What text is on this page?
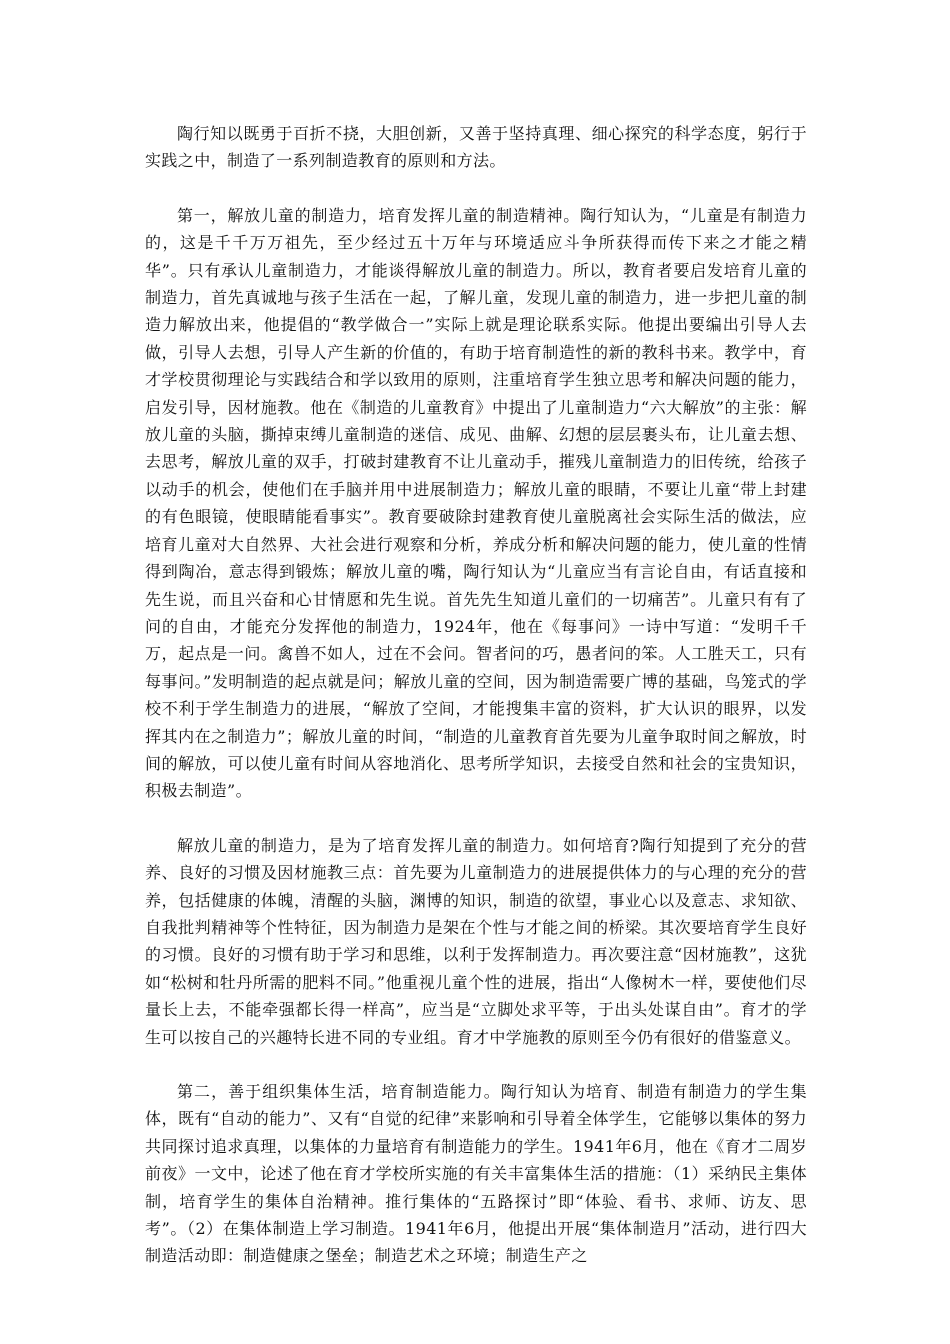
陶行知以既勇于百折不挠，大胆创新，又善于坚持真理、细心探究的科学态度，躬行于实践之中，制造了一系列制造教育的原则和方法。

第一，解放儿童的制造力，培育发挥儿童的制造精神。陶行知认为，“儿童是有制造力的，这是千千万万祖先，至少经过五十万年与环境适应斗争所获得而传下来之才能之精华”。只有承认儿童制造力，才能谈得解放儿童的制造力。所以，教育者要启发培育儿童的制造力，首先真诚地与孩子生活在一起，了解儿童，发现儿童的制造力，进一步把儿童的制造力解放出来，他提倡的“教学做合一”实际上就是理论联系实际。他提出要编出引导人去做，引导人去想，引导人产生新的价值的，有助于培育制造性的新的教科书来。教学中，育才学校贯彻理论与实践结合和学以致用的原则，注重培育学生独立思考和解决问题的能力，启发引导，因材施教。他在《制造的儿童教育》中提出了儿童制造力“六大解放”的主张：解放儿童的头脑，撕掉束缚儿童制造的迷信、成见、曲解、幻想的层层裹头布，让儿童去想、去思考，解放儿童的双手，打破封建教育不让儿童动手，摧残儿童制造力的旧传统，给孩子以动手的机会，使他们在手脑并用中进展制造力；解放儿童的眼睛，不要让儿童“带上封建的有色眼镜，使眼睛能看事实”。教育要破除封建教育使儿童脱离社会实际生活的做法，应培育儿童对大自然界、大社会进行观察和分析，养成分析和解决问题的能力，使儿童的性情得到陶冶，意志得到锻炼；解放儿童的嘴，陶行知认为“儿童应当有言论自由，有话直接和先生说，而且兴奋和心甘情愿和先生说。首先先生知道儿童们的一切痛苦”。儿童只有有了问的自由，才能充分发挥他的制造力，1924年，他在《每事问》一诗中写道：“发明千千万，起点是一问。禽兽不如人，过在不会问。智者问的巧，愚者问的笨。人工胜天工，只有每事问。”发明制造的起点就是问；解放儿童的空间，因为制造需要广博的基础，鸟笼式的学校不利于学生制造力的进展，“解放了空间，才能搜集丰富的资料，扩大认识的眼界，以发挥其内在之制造力”；解放儿童的时间，“制造的儿童教育首先要为儿童争取时间之解放，时间的解放，可以使儿童有时间从容地消化、思考所学知识，去接受自然和社会的宝贵知识，积极去制造”。

解放儿童的制造力，是为了培育发挥儿童的制造力。如何培育?陶行知提到了充分的营养、良好的习惯及因材施教三点：首先要为儿童制造力的进展提供体力的与心理的充分的营养，包括健康的体魄，清醒的头脑，渊博的知识，制造的欲望，事业心以及意志、求知欲、自我批判精神等个性特征，因为制造力是架在个性与才能之间的桥梁。其次要培育学生良好的习惯。良好的习惯有助于学习和思维，以利于发挥制造力。再次要注意“因材施教”，这犹如“松树和牡丹所需的肥料不同。”他重视儿童个性的进展，指出“人像树木一样，要使他们尽量长上去，不能牵强都长得一样高”，应当是“立脚处求平等，于出头处谋自由”。育才的学生可以按自己的兴趣特长进不同的专业组。育才中学施教的原则至今仍有很好的借鉴意义。

第二，善于组织集体生活，培育制造能力。陶行知认为培育、制造有制造力的学生集体，既有“自动的能力”、又有“自觉的纪律”来影响和引导着全体学生，它能够以集体的努力共同探讨追求真理，以集体的力量培育有制造能力的学生。1941年6月，他在《育才二周岁前夜》一文中，论述了他在育才学校所实施的有关丰富集体生活的措施：（1）采纳民主集体制，培育学生的集体自治精神。推行集体的“五路探讨”即“体验、看书、求师、访友、思考”。（2）在集体制造上学习制造。1941年6月，他提出开展“集体制造月”活动，进行四大制造活动即：制造健康之堡垒；制造艺术之环境；制造生产之
